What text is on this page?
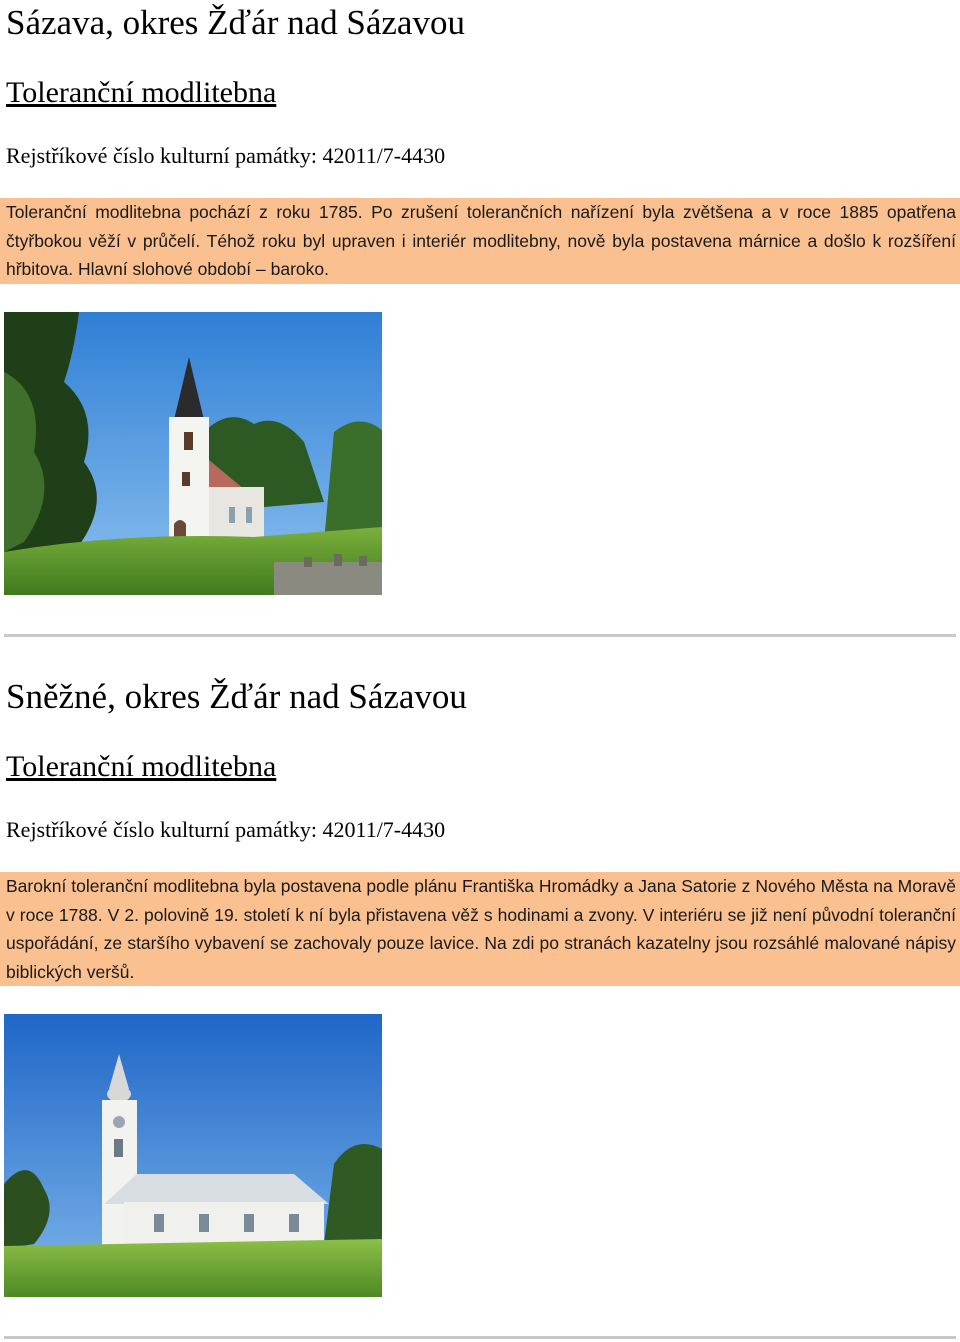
Sázava, okres Žďár nad Sázavou
Toleranční modlitebna
Rejstříkové číslo kulturní památky: 42011/7-4430
Toleranční modlitebna pochází z roku 1785. Po zrušení tolerančních nařízení byla zvětšena a v roce 1885 opatřena čtyřbokou věží v průčelí. Téhož roku byl upraven i interiér modlitebny, nově byla postavena márnice a došlo k rozšíření hřbitova. Hlavní slohové období – baroko.
Sněžné, okres Žďár nad Sázavou
Toleranční modlitebna
Rejstříkové číslo kulturní památky: 42011/7-4430
Barokní toleranční modlitebna byla postavena podle plánu Františka Hromádky a Jana Satorie z Nového Města na Moravě v roce 1788. V 2. polovině 19. století k ní byla přistavena věž s hodinami a zvony. V interiéru se již není původní toleranční uspořádání, ze staršího vybavení se zachovaly pouze lavice. Na zdi po stranách kazatelny jsou rozsáhlé malované nápisy biblických veršů.
